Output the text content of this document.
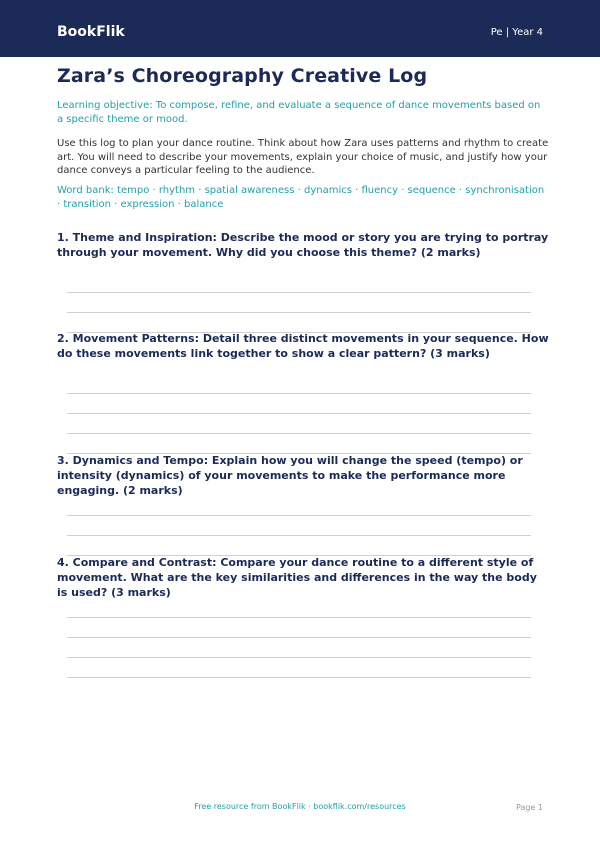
BookFlik	Pe | Year 4
Zara’s Choreography Creative Log

Learning objective: To compose, refine, and evaluate a sequence of dance movements based on a specific theme or mood.

Use this log to plan your dance routine. Think about how Zara uses patterns and rhythm to create art. You will need to describe your movements, explain your choice of music, and justify how your dance conveys a particular feeling to the audience.

Word bank: tempo · rhythm · spatial awareness · dynamics · fluency · sequence · synchronisation · transition · expression · balance

1. Theme and Inspiration: Describe the mood or story you are trying to portray through your movement. Why did you choose this theme? (2 marks)

2. Movement Patterns: Detail three distinct movements in your sequence. How do these movements link together to show a clear pattern? (3 marks)

3. Dynamics and Tempo: Explain how you will change the speed (tempo) or intensity (dynamics) of your movements to make the performance more engaging. (2 marks)

4. Compare and Contrast: Compare your dance routine to a different style of movement. What are the key similarities and differences in the way the body is used? (3 marks)

Free resource from BookFlik · bookflik.com/resources	Page 1
